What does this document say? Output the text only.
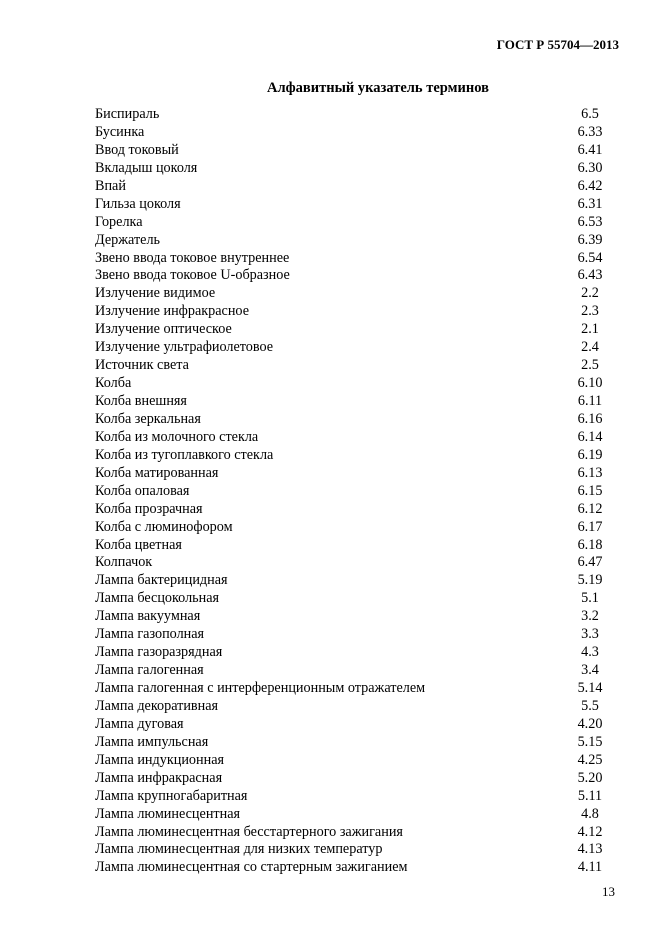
ГОСТ Р 55704—2013
Алфавитный указатель терминов
Биспираль	6.5
Бусинка	6.33
Ввод токовый	6.41
Вкладыш цоколя	6.30
Впай	6.42
Гильза цоколя	6.31
Горелка	6.53
Держатель	6.39
Звено ввода токовое внутреннее	6.54
Звено ввода токовое U-образное	6.43
Излучение видимое	2.2
Излучение инфракрасное	2.3
Излучение оптическое	2.1
Излучение ультрафиолетовое	2.4
Источник света	2.5
Колба	6.10
Колба внешняя	6.11
Колба зеркальная	6.16
Колба из молочного стекла	6.14
Колба из тугоплавкого стекла	6.19
Колба матированная	6.13
Колба опаловая	6.15
Колба прозрачная	6.12
Колба с люминофором	6.17
Колба цветная	6.18
Колпачок	6.47
Лампа бактерицидная	5.19
Лампа бесцокольная	5.1
Лампа вакуумная	3.2
Лампа газополная	3.3
Лампа газоразрядная	4.3
Лампа галогенная	3.4
Лампа галогенная с интерференционным отражателем	5.14
Лампа декоративная	5.5
Лампа дуговая	4.20
Лампа импульсная	5.15
Лампа индукционная	4.25
Лампа инфракрасная	5.20
Лампа крупногабаритная	5.11
Лампа люминесцентная	4.8
Лампа люминесцентная бесстартерного зажигания	4.12
Лампа люминесцентная для низких температур	4.13
Лампа люминесцентная со стартерным зажиганием	4.11
13
